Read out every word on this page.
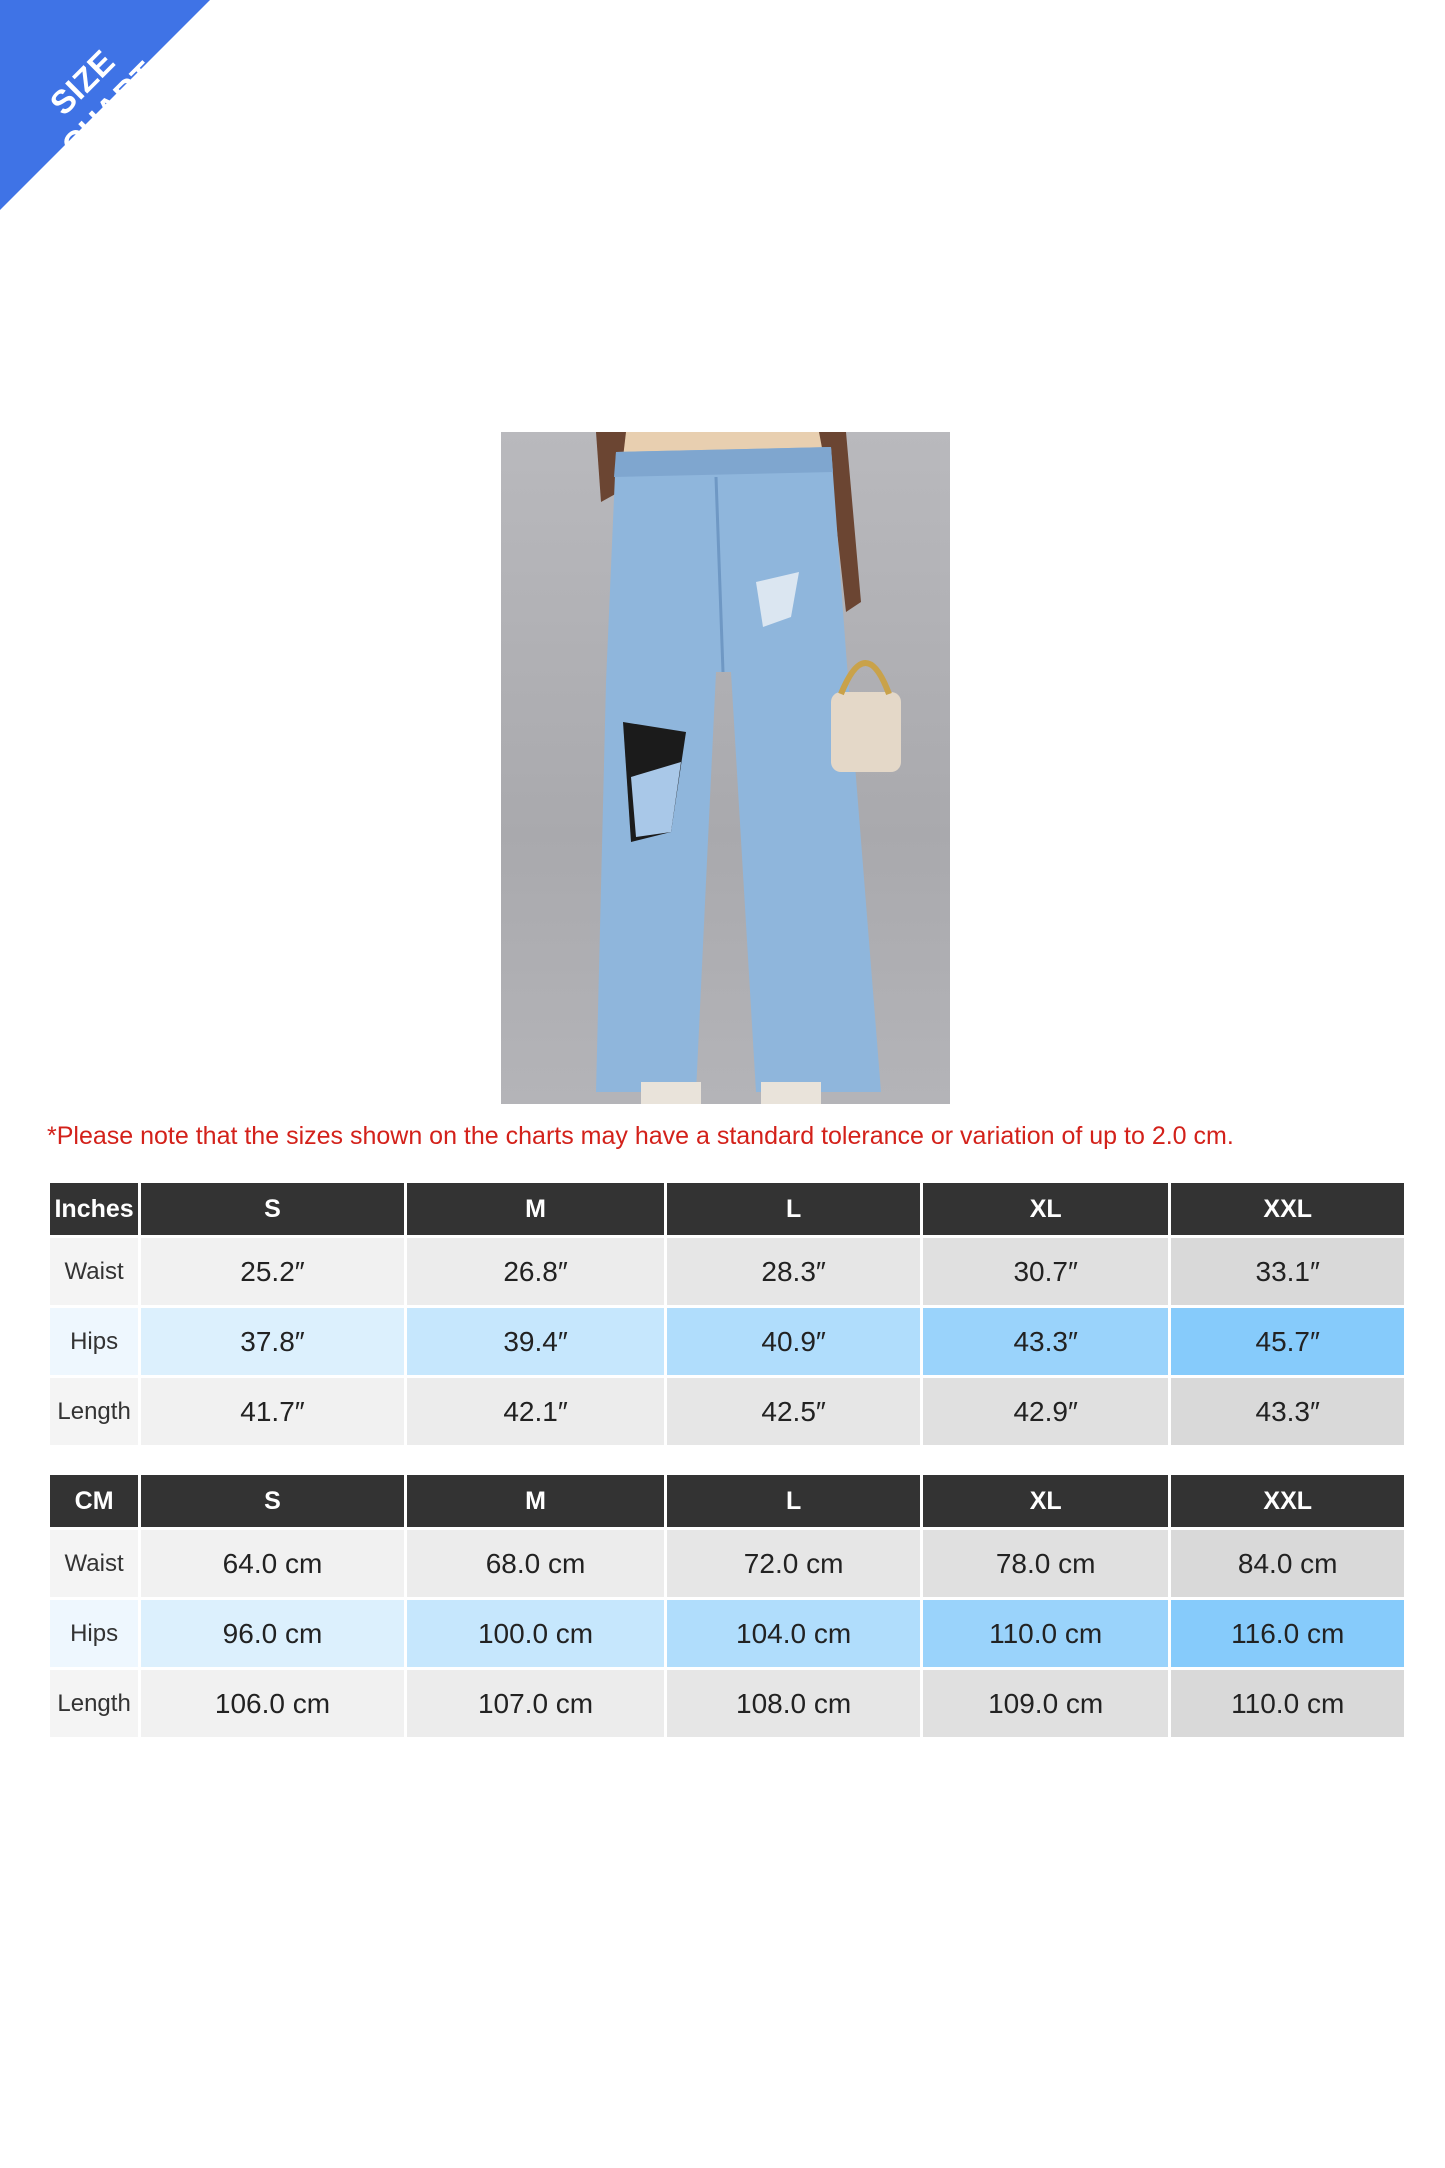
SIZE CHART
*Please note that the sizes shown on the charts may have a standard tolerance or variation of up to 2.0 cm.
Inches	S	M	L	XL	XXL
Waist	25.2″	26.8″	28.3″	30.7″	33.1″
Hips	37.8″	39.4″	40.9″	43.3″	45.7″
Length	41.7″	42.1″	42.5″	42.9″	43.3″
CM	S	M	L	XL	XXL
Waist	64.0 cm	68.0 cm	72.0 cm	78.0 cm	84.0 cm
Hips	96.0 cm	100.0 cm	104.0 cm	110.0 cm	116.0 cm
Length	106.0 cm	107.0 cm	108.0 cm	109.0 cm	110.0 cm
